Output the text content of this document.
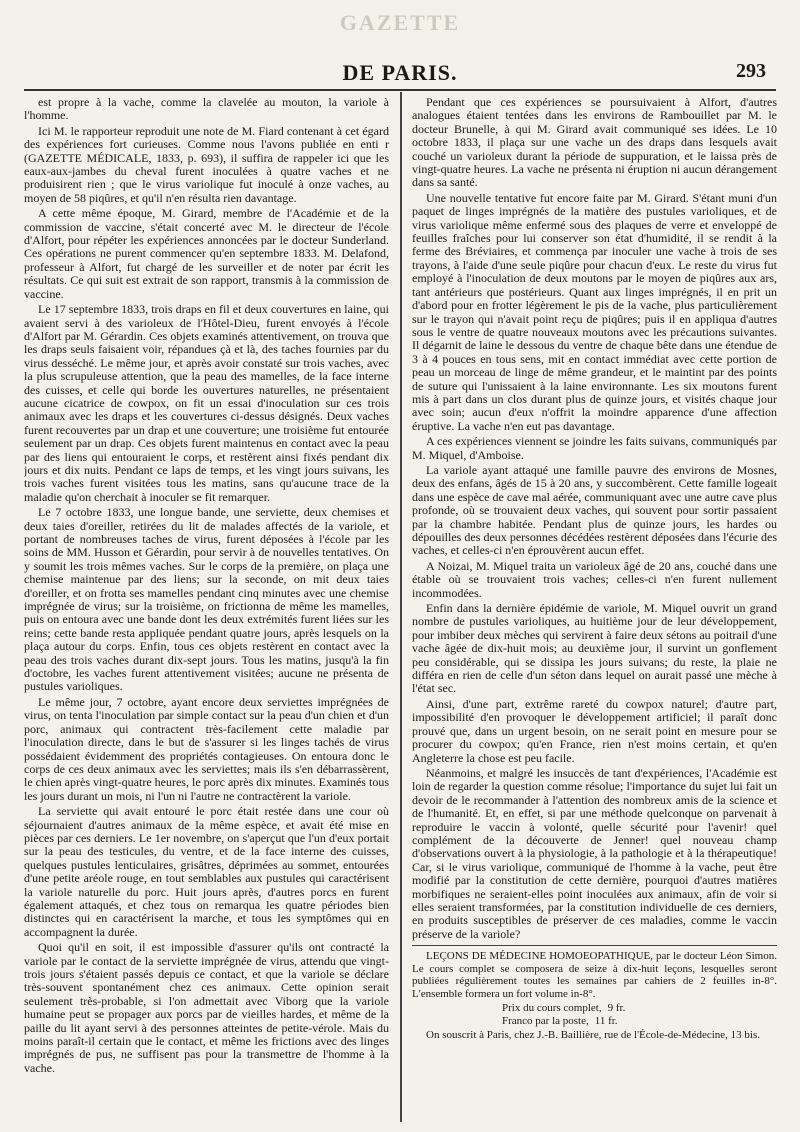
GAZETTE
DE PARIS.	293

est propre à la vache, comme la clavelée au mouton, la variole à l'homme.

Ici M. le rapporteur reproduit une note de M. Fiard contenant à cet égard des expériences fort curieuses. Comme nous l'avons publiée en enti r (GAZETTE MÉDICALE, 1833, p. 693), il suffira de rappeler ici que les eaux-aux-jambes du cheval furent inoculées à quatre vaches et ne produisirent rien ; que le virus variolique fut inoculé à onze vaches, au moyen de 58 piqûres, et qu'il n'en résulta rien davantage.

A cette même époque, M. Girard, membre de l'Académie et de la commission de vaccine, s'était concerté avec M. le directeur de l'école d'Alfort, pour répéter les expériences annoncées par le docteur Sunderland. Ces opérations ne purent commencer qu'en septembre 1833. M. Delafond, professeur à Alfort, fut chargé de les surveiller et de noter par écrit les résultats. Ce qui suit est extrait de son rapport, transmis à la commission de vaccine.

Le 17 septembre 1833, trois draps en fil et deux couvertures en laine, qui avaient servi à des varioleux de l'Hôtel-Dieu, furent envoyés à l'école d'Alfort par M. Gérardin. Ces objets examinés attentivement, on trouva que les draps seuls faisaient voir, répandues çà et là, des taches fournies par du virus desséché. Le même jour, et après avoir constaté sur trois vaches, avec la plus scrupuleuse attention, que la peau des mamelles, de la face interne des cuisses, et celle qui borde les ouvertures naturelles, ne présentaient aucune cicatrice de cowpox, on fit un essai d'inoculation sur ces trois animaux avec les draps et les couvertures ci-dessus désignés. Deux vaches furent recouvertes par un drap et une couverture; une troisième fut entourée seulement par un drap. Ces objets furent maintenus en contact avec la peau par des liens qui entouraient le corps, et restèrent ainsi fixés pendant dix jours et dix nuits. Pendant ce laps de temps, et les vingt jours suivans, les trois vaches furent visitées tous les matins, sans qu'aucune trace de la maladie qu'on cherchait à inoculer se fit remarquer.

Le 7 octobre 1833, une longue bande, une serviette, deux chemises et deux taies d'oreiller, retirées du lit de malades affectés de la variole, et portant de nombreuses taches de virus, furent déposées à l'école par les soins de MM. Husson et Gérardin, pour servir à de nouvelles tentatives. On y soumit les trois mêmes vaches. Sur le corps de la première, on plaça une chemise maintenue par des liens; sur la seconde, on mit deux taies d'oreiller, et on frotta ses mamelles pendant cinq minutes avec une chemise imprégnée de virus; sur la troisième, on frictionna de même les mamelles, puis on entoura avec une bande dont les deux extrémités furent liées sur les reins; cette bande resta appliquée pendant quatre jours, après lesquels on la plaça autour du corps. Enfin, tous ces objets restèrent en contact avec la peau des trois vaches durant dix-sept jours. Tous les matins, jusqu'à la fin d'octobre, les vaches furent attentivement visitées; aucune ne présenta de pustules varioliques.

Le même jour, 7 octobre, ayant encore deux serviettes imprégnées de virus, on tenta l'inoculation par simple contact sur la peau d'un chien et d'un porc, animaux qui contractent très-facilement cette maladie par l'inoculation directe, dans le but de s'assurer si les linges tachés de virus possédaient évidemment des propriétés contagieuses. On entoura donc le corps de ces deux animaux avec les serviettes; mais ils s'en débarrassèrent, le chien après vingt-quatre heures, le porc après dix minutes. Examinés tous les jours durant un mois, ni l'un ni l'autre ne contractèrent la variole.

La serviette qui avait entouré le porc était restée dans une cour où séjournaient d'autres animaux de la même espèce, et avait été mise en pièces par ces derniers. Le 1er novembre, on s'aperçut que l'un d'eux portait sur la peau des testicules, du ventre, et de la face interne des cuisses, quelques pustules lenticulaires, grisâtres, déprimées au sommet, entourées d'une petite aréole rouge, en tout semblables aux pustules qui caractérisent la variole naturelle du porc. Huit jours après, d'autres porcs en furent également attaqués, et chez tous on remarqua les quatre périodes bien distinctes qui en caractérisent la marche, et tous les symptômes qui en accompagnent la durée.

Quoi qu'il en soit, il est impossible d'assurer qu'ils ont contracté la variole par le contact de la serviette imprégnée de virus, attendu que vingt-trois jours s'étaient passés depuis ce contact, et que la variole se déclare très-souvent spontanément chez ces animaux. Cette opinion serait seulement très-probable, si l'on admettait avec Viborg que la variole humaine peut se propager aux porcs par de vieilles hardes, et même de la paille du lit ayant servi à des personnes atteintes de petite-vérole. Mais du moins paraît-il certain que le contact, et même les frictions avec des linges imprégnés de pus, ne suffisent pas pour la transmettre de l'homme à la vache.

Pendant que ces expériences se poursuivaient à Alfort, d'autres analogues étaient tentées dans les environs de Rambouillet par M. le docteur Brunelle, à qui M. Girard avait communiqué ses idées. Le 10 octobre 1833, il plaça sur une vache un des draps dans lesquels avait couché un varioleux durant la période de suppuration, et le laissa près de vingt-quatre heures. La vache ne présenta ni éruption ni aucun dérangement dans sa santé.

Une nouvelle tentative fut encore faite par M. Girard. S'étant muni d'un paquet de linges imprégnés de la matière des pustules varioliques, et de virus variolique même enfermé sous des plaques de verre et enveloppé de feuilles fraîches pour lui conserver son état d'humidité, il se rendit à la ferme des Bréviaires, et commença par inoculer une vache à trois de ses trayons, à l'aide d'une seule piqûre pour chacun d'eux. Le reste du virus fut employé à l'inoculation de deux moutons par le moyen de piqûres aux ars, tant antérieurs que postérieurs. Quant aux linges imprégnés, il en prit un d'abord pour en frotter légèrement le pis de la vache, plus particulièrement sur le trayon qui n'avait point reçu de piqûres; puis il en appliqua d'autres sous le ventre de quatre nouveaux moutons avec les précautions suivantes. Il dégarnit de laine le dessous du ventre de chaque bête dans une étendue de 3 à 4 pouces en tous sens, mit en contact immédiat avec cette portion de peau un morceau de linge de même grandeur, et le maintint par des points de suture qui l'unissaient à la laine environnante. Les six moutons furent mis à part dans un clos durant plus de quinze jours, et visités chaque jour avec soin; aucun d'eux n'offrit la moindre apparence d'une affection éruptive. La vache n'en eut pas davantage.

A ces expériences viennent se joindre les faits suivans, communiqués par M. Miquel, d'Amboise.

La variole ayant attaqué une famille pauvre des environs de Mosnes, deux des enfans, âgés de 15 à 20 ans, y succombèrent. Cette famille logeait dans une espèce de cave mal aérée, communiquant avec une autre cave plus profonde, où se trouvaient deux vaches, qui souvent pour sortir passaient par la chambre habitée. Pendant plus de quinze jours, les hardes ou dépouilles des deux personnes décédées restèrent déposées dans l'écurie des vaches, et celles-ci n'en éprouvèrent aucun effet.

A Noizai, M. Miquel traita un varioleux âgé de 20 ans, couché dans une étable où se trouvaient trois vaches; celles-ci n'en furent nullement incommodées.

Enfin dans la dernière épidémie de variole, M. Miquel ouvrit un grand nombre de pustules varioliques, au huitième jour de leur développement, pour imbiber deux mèches qui servirent à faire deux sétons au poitrail d'une vache âgée de dix-huit mois; au deuxième jour, il survint un gonflement peu considérable, qui se dissipa les jours suivans; du reste, la plaie ne différa en rien de celle d'un séton dans lequel on aurait passé une mèche à l'état sec.

Ainsi, d'une part, extrême rareté du cowpox naturel; d'autre part, impossibilité d'en provoquer le développement artificiel; il paraît donc prouvé que, dans un urgent besoin, on ne serait point en mesure pour se procurer du cowpox; qu'en France, rien n'est moins certain, et qu'en Angleterre la chose est peu facile.

Néanmoins, et malgré les insuccès de tant d'expériences, l'Académie est loin de regarder la question comme résolue; l'importance du sujet lui fait un devoir de le recommander à l'attention des nombreux amis de la science et de l'humanité. Et, en effet, si par une méthode quelconque on parvenait à reproduire le vaccin à volonté, quelle sécurité pour l'avenir! quel complément de la découverte de Jenner! quel nouveau champ d'observations ouvert à la physiologie, à la pathologie et à la thérapeutique! Car, si le virus variolique, communiqué de l'homme à la vache, peut être modifié par la constitution de cette dernière, pourquoi d'autres matières morbifiques ne seraient-elles point inoculées aux animaux, afin de voir si elles seraient transformées, par la constitution individuelle de ces derniers, en produits susceptibles de préserver de ces maladies, comme le vaccin préserve de la variole?

LEÇONS DE MÉDECINE HOMOEOPATHIQUE, par le docteur Léon Simon. Le cours complet se composera de seize à dix-huit leçons, lesquelles seront publiées régulièrement toutes les semaines par cahiers de 2 feuilles in-8°. L'ensemble formera un fort volume in-8°.

Prix du cours complet, 9 fr.
Franco par la poste, 11 fr.
On souscrit à Paris, chez J.-B. Baillière, rue de l'École-de-Médecine, 13 bis.
